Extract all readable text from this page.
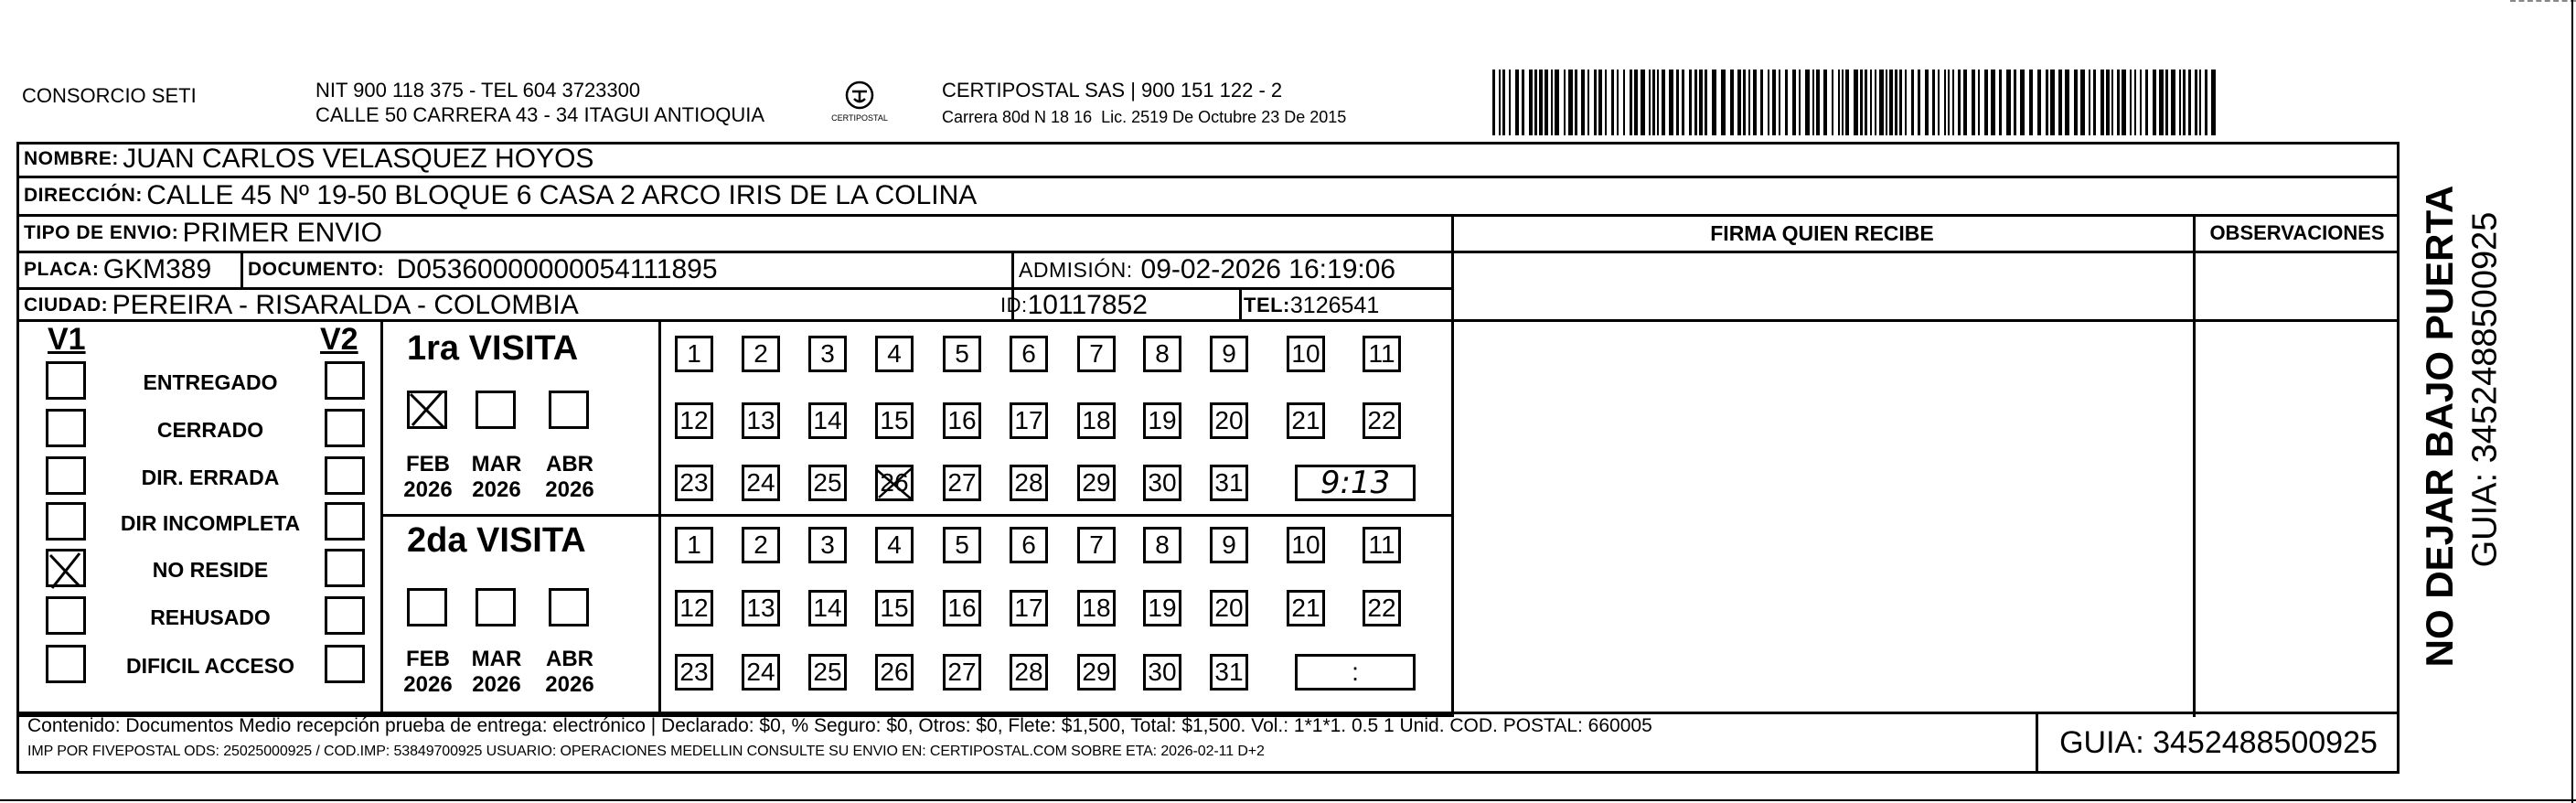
CONSORCIO SETI	NIT 900 118 375 - TEL 604 3723300
CALLE 50 CARRERA 43 - 34 ITAGUI ANTIOQUIA	CERTIPOSTAL
CERTIPOSTAL SAS | 900 151 122 - 2
Carrera 80d N 18 16  Lic. 2519 De Octubre 23 De 2015
NOMBRE:
JUAN CARLOS VELASQUEZ HOYOS
DIRECCIÓN:
CALLE 45 Nº 19-50 BLOQUE 6 CASA 2 ARCO IRIS DE LA COLINA
TIPO DE ENVIO:
PRIMER ENVIO
PLACA:
GKM389 DOCUMENTO:
D05360000000054111895	ADMISIÓN:
09-02-2026 16:19:06
CIUDAD:
PEREIRA - RISARALDA - COLOMBIA	ID: 10117852	TEL: 3126541
FIRMA QUIEN RECIBE	OBSERVACIONES
V1	V2
ENTREGADO
CERRADO
DIR. ERRADA
DIR INCOMPLETA
NO RESIDE
REHUSADO
DIFICIL ACCESO
1ra VISITA
2da VISITA
FEB
2026
MAR
2026
ABR
2026
FEB
2026
MAR
2026
ABR
2026
1	2	3	4	5	6	7	8	9	10 11
12 13 14 15 16 17 18 19 20 21 22
23 24 25 26 27 28 29 30 31 9:13
1	2	3	4	5	6	7	8	9	10 11
12 13 14 15 16 17 18 19 20 21 22
23 24 25 26 27 28 29 30 31	:
Contenido: Documentos Medio recepción prueba de entrega: electrónico | Declarado: $0, % Seguro: $0, Otros: $0, Flete: $1,500, Total: $1,500. Vol.: 1*1*1. 0.5 1 Unid. COD. POSTAL: 660005
IMP POR FIVEPOSTAL ODS: 25025000925 / COD.IMP: 53849700925 USUARIO: OPERACIONES MEDELLIN CONSULTE SU ENVIO EN: CERTIPOSTAL.COM SOBRE ETA: 2026-02-11 D+2	GUIA: 3452488500925
NO DEJAR BAJO PUERTA GUIA: 3452488500925
